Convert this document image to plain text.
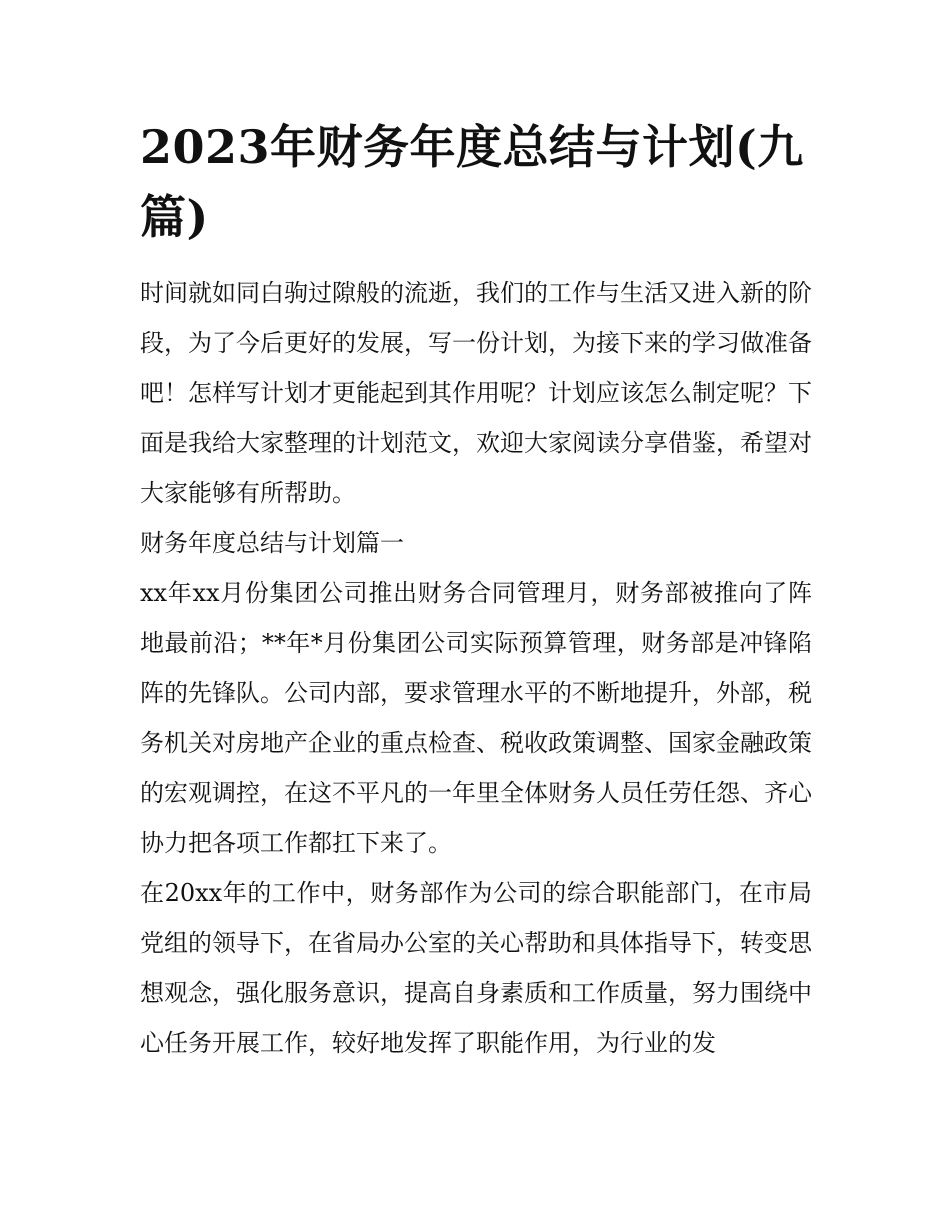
2023年财务年度总结与计划(九篇)

时间就如同白驹过隙般的流逝，我们的工作与生活又进入新的阶段，为了今后更好的发展，写一份计划，为接下来的学习做准备吧！怎样写计划才更能起到其作用呢？计划应该怎么制定呢？下面是我给大家整理的计划范文，欢迎大家阅读分享借鉴，希望对大家能够有所帮助。

财务年度总结与计划篇一

xx年xx月份集团公司推出财务合同管理月，财务部被推向了阵地最前沿；**年*月份集团公司实际预算管理，财务部是冲锋陷阵的先锋队。公司内部，要求管理水平的不断地提升，外部，税务机关对房地产企业的重点检查、税收政策调整、国家金融政策的宏观调控，在这不平凡的一年里全体财务人员任劳任怨、齐心协力把各项工作都扛下来了。

在20xx年的工作中，财务部作为公司的综合职能部门，在市局党组的领导下，在省局办公室的关心帮助和具体指导下，转变思想观念，强化服务意识，提高自身素质和工作质量，努力围绕中心任务开展工作，较好地发挥了职能作用，为行业的发
